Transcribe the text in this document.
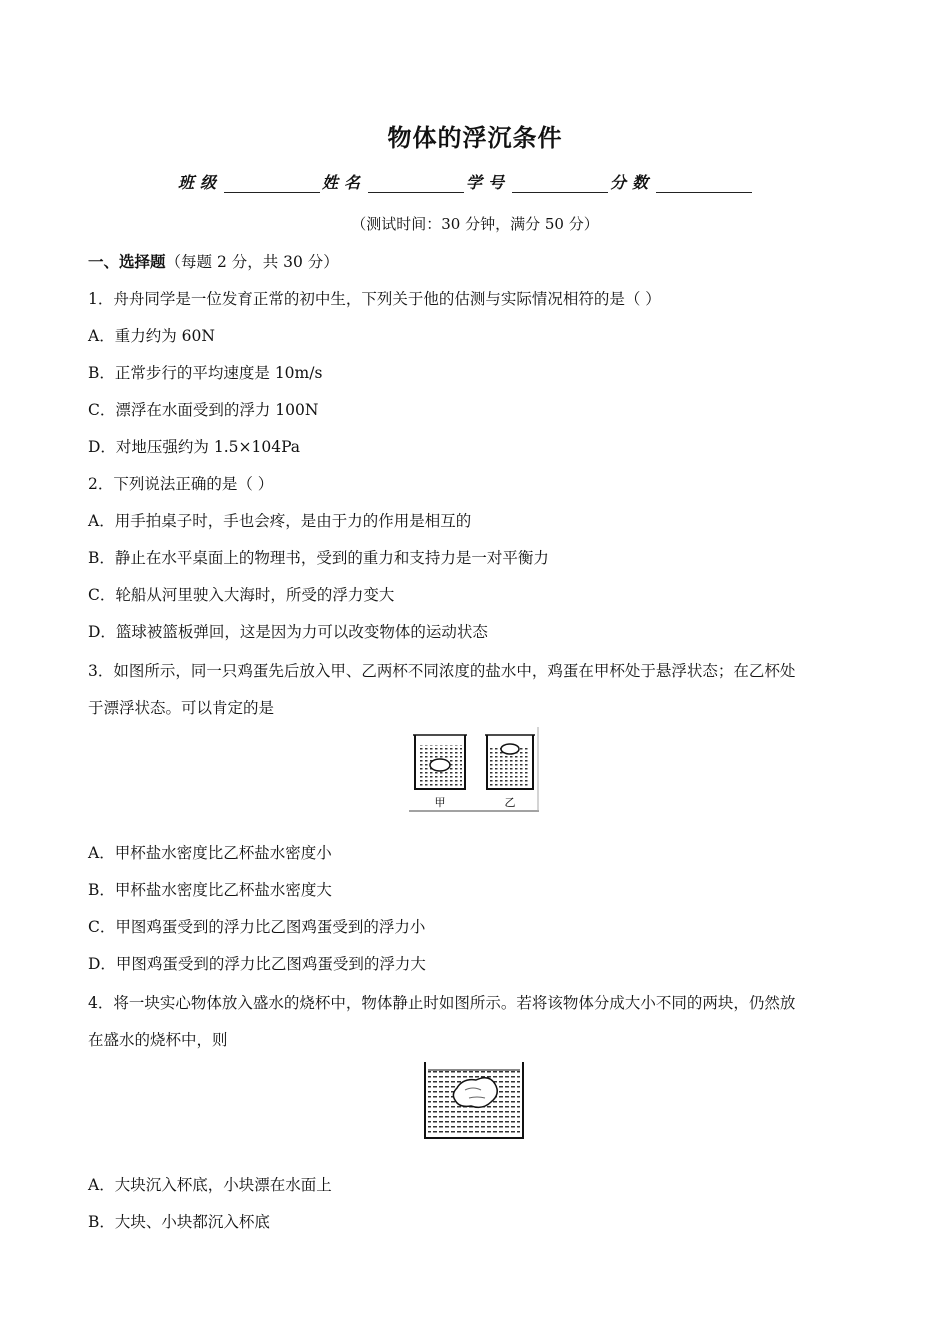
物体的浮沉条件
班级	姓名	学号	分数
（测试时间：30 分钟，满分 50 分）
一、选择题（每题 2 分，共 30 分）
1．舟舟同学是一位发育正常的初中生，下列关于他的估测与实际情况相符的是（ ）
A．重力约为 60N
B．正常步行的平均速度是 10m/s
C．漂浮在水面受到的浮力 100N
D．对地压强约为 1.5×104Pa
2．下列说法正确的是（ ）
A．用手拍桌子时，手也会疼，是由于力的作用是相互的
B．静止在水平桌面上的物理书，受到的重力和支持力是一对平衡力
C．轮船从河里驶入大海时，所受的浮力变大
D．篮球被篮板弹回，这是因为力可以改变物体的运动状态
3．如图所示，同一只鸡蛋先后放入甲、乙两杯不同浓度的盐水中，鸡蛋在甲杯处于悬浮状态；在乙杯处
于漂浮状态。可以肯定的是
甲	乙
A．甲杯盐水密度比乙杯盐水密度小
B．甲杯盐水密度比乙杯盐水密度大
C．甲图鸡蛋受到的浮力比乙图鸡蛋受到的浮力小
D．甲图鸡蛋受到的浮力比乙图鸡蛋受到的浮力大
4．将一块实心物体放入盛水的烧杯中，物体静止时如图所示。若将该物体分成大小不同的两块，仍然放
在盛水的烧杯中，则
A．大块沉入杯底，小块漂在水面上
B．大块、小块都沉入杯底
